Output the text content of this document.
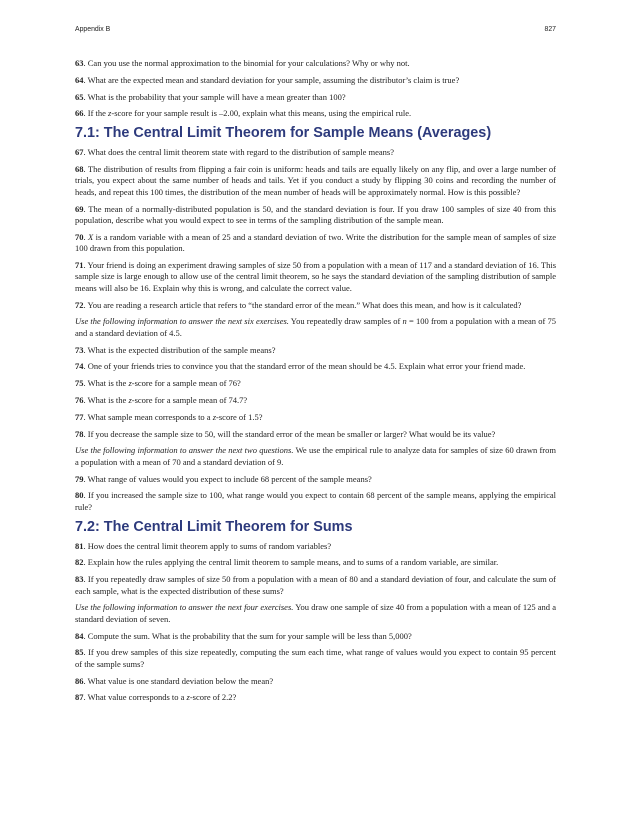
Appendix B	827

63. Can you use the normal approximation to the binomial for your calculations? Why or why not.

64. What are the expected mean and standard deviation for your sample, assuming the distributor’s claim is true?

65. What is the probability that your sample will have a mean greater than 100?

66. If the z-score for your sample result is –2.00, explain what this means, using the empirical rule.

7.1: The Central Limit Theorem for Sample Means (Averages)

67. What does the central limit theorem state with regard to the distribution of sample means?

68. The distribution of results from flipping a fair coin is uniform: heads and tails are equally likely on any flip, and over a large number of trials, you expect about the same number of heads and tails. Yet if you conduct a study by flipping 30 coins and recording the number of heads, and repeat this 100 times, the distribution of the mean number of heads will be approximately normal. How is this possible?

69. The mean of a normally-distributed population is 50, and the standard deviation is four. If you draw 100 samples of size 40 from this population, describe what you would expect to see in terms of the sampling distribution of the sample mean.

70. X is a random variable with a mean of 25 and a standard deviation of two. Write the distribution for the sample mean of samples of size 100 drawn from this population.

71. Your friend is doing an experiment drawing samples of size 50 from a population with a mean of 117 and a standard deviation of 16. This sample size is large enough to allow use of the central limit theorem, so he says the standard deviation of the sampling distribution of sample means will also be 16. Explain why this is wrong, and calculate the correct value.

72. You are reading a research article that refers to “the standard error of the mean.” What does this mean, and how is it calculated?

Use the following information to answer the next six exercises. You repeatedly draw samples of n = 100 from a population with a mean of 75 and a standard deviation of 4.5.

73. What is the expected distribution of the sample means?

74. One of your friends tries to convince you that the standard error of the mean should be 4.5. Explain what error your friend made.

75. What is the z-score for a sample mean of 76?

76. What is the z-score for a sample mean of 74.7?

77. What sample mean corresponds to a z-score of 1.5?

78. If you decrease the sample size to 50, will the standard error of the mean be smaller or larger? What would be its value?

Use the following information to answer the next two questions. We use the empirical rule to analyze data for samples of size 60 drawn from a population with a mean of 70 and a standard deviation of 9.

79. What range of values would you expect to include 68 percent of the sample means?

80. If you increased the sample size to 100, what range would you expect to contain 68 percent of the sample means, applying the empirical rule?

7.2: The Central Limit Theorem for Sums

81. How does the central limit theorem apply to sums of random variables?

82. Explain how the rules applying the central limit theorem to sample means, and to sums of a random variable, are similar.

83. If you repeatedly draw samples of size 50 from a population with a mean of 80 and a standard deviation of four, and calculate the sum of each sample, what is the expected distribution of these sums?

Use the following information to answer the next four exercises. You draw one sample of size 40 from a population with a mean of 125 and a standard deviation of seven.

84. Compute the sum. What is the probability that the sum for your sample will be less than 5,000?

85. If you drew samples of this size repeatedly, computing the sum each time, what range of values would you expect to contain 95 percent of the sample sums?

86. What value is one standard deviation below the mean?

87. What value corresponds to a z-score of 2.2?
